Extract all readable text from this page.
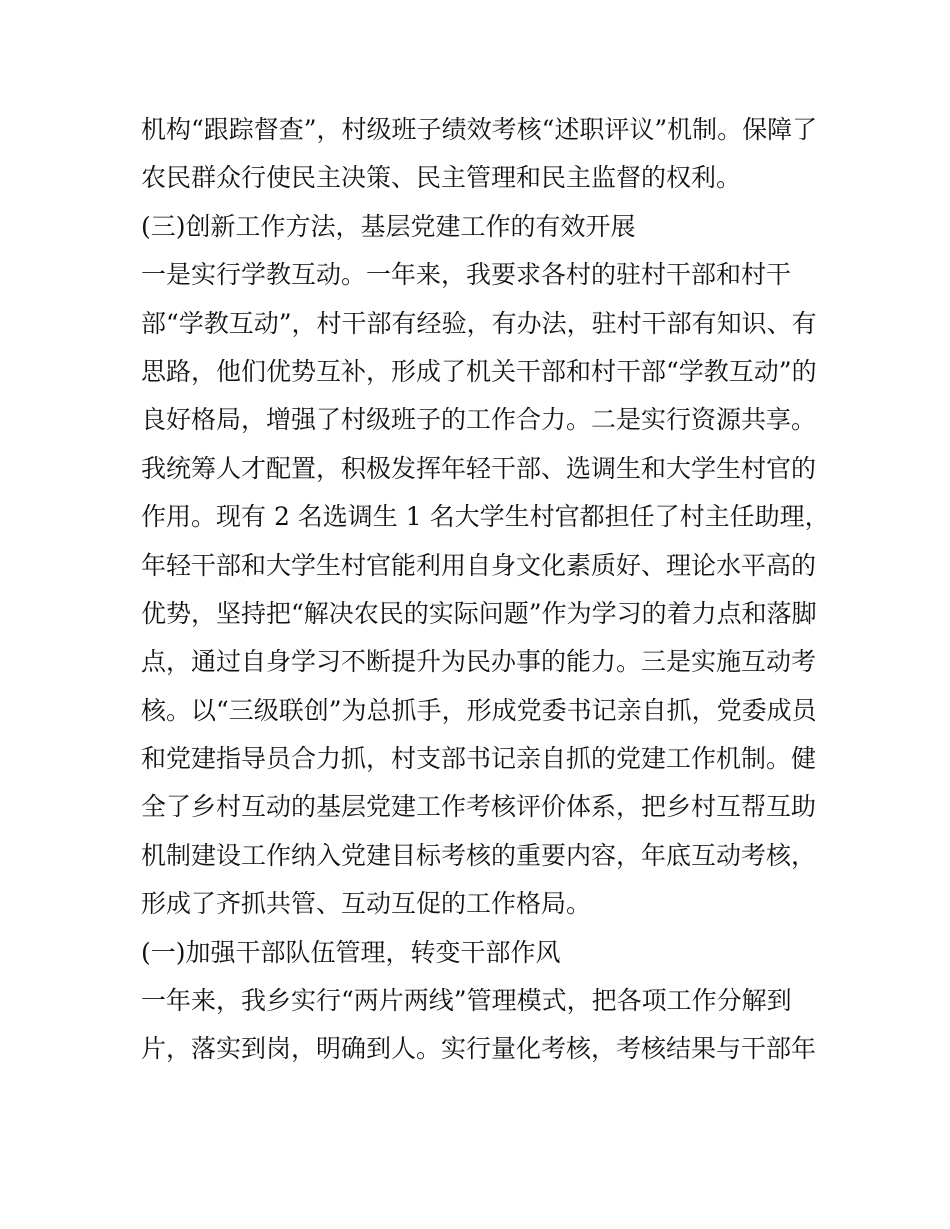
机构“跟踪督查”，村级班子绩效考核“述职评议”机制。保障了
农民群众行使民主决策、民主管理和民主监督的权利。
(三)创新工作方法，基层党建工作的有效开展
一是实行学教互动。一年来，我要求各村的驻村干部和村干
部“学教互动”，村干部有经验，有办法，驻村干部有知识、有
思路，他们优势互补，形成了机关干部和村干部“学教互动”的
良好格局，增强了村级班子的工作合力。二是实行资源共享。
我统筹人才配置，积极发挥年轻干部、选调生和大学生村官的
作用。现有 2 名选调生 1 名大学生村官都担任了村主任助理，
年轻干部和大学生村官能利用自身文化素质好、理论水平高的
优势，坚持把“解决农民的实际问题”作为学习的着力点和落脚
点，通过自身学习不断提升为民办事的能力。三是实施互动考
核。以“三级联创”为总抓手，形成党委书记亲自抓，党委成员
和党建指导员合力抓，村支部书记亲自抓的党建工作机制。健
全了乡村互动的基层党建工作考核评价体系，把乡村互帮互助
机制建设工作纳入党建目标考核的重要内容，年底互动考核，
形成了齐抓共管、互动互促的工作格局。
(一)加强干部队伍管理，转变干部作风
一年来，我乡实行“两片两线”管理模式，把各项工作分解到
片，落实到岗，明确到人。实行量化考核，考核结果与干部年
